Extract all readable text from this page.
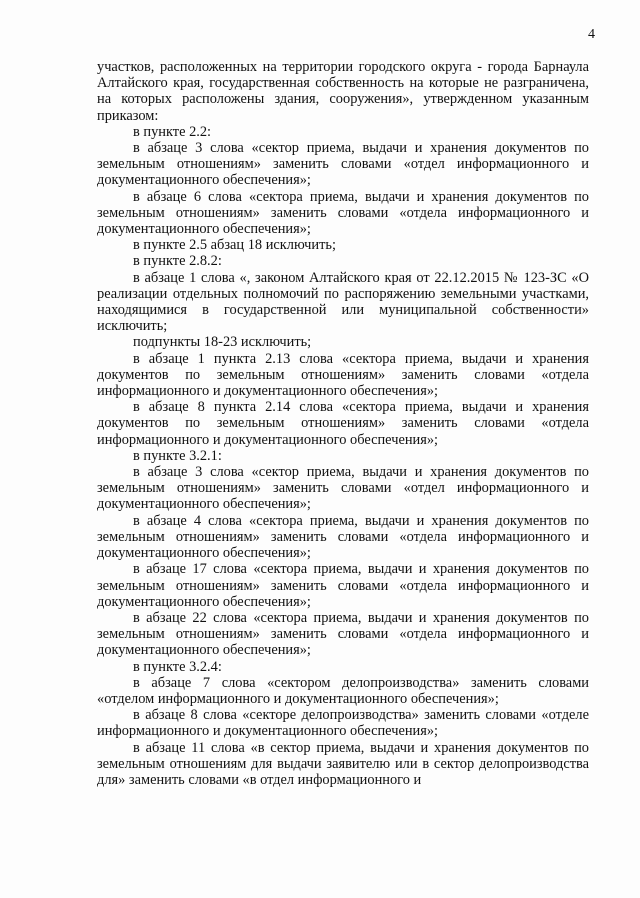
4

участков, расположенных на территории городского округа - города Барнаула Алтайского края, государственная собственность на которые не разграничена, на которых расположены здания, сооружения», утвержденном указанным приказом:

в пункте 2.2:

в абзаце 3 слова «сектор приема, выдачи и хранения документов по земельным отношениям» заменить словами «отдел информационного и документационного обеспечения»;

в абзаце 6 слова «сектора приема, выдачи и хранения документов по земельным отношениям» заменить словами «отдела информационного и документационного обеспечения»;

в пункте 2.5 абзац 18 исключить;

в пункте 2.8.2:

в абзаце 1 слова «, законом Алтайского края от 22.12.2015 № 123-ЗС «О реализации отдельных полномочий по распоряжению земельными участками, находящимися в государственной или муниципальной собственности» исключить;

подпункты 18-23 исключить;

в абзаце 1 пункта 2.13 слова «сектора приема, выдачи и хранения документов по земельным отношениям» заменить словами «отдела информационного и документационного обеспечения»;

в абзаце 8 пункта 2.14 слова «сектора приема, выдачи и хранения документов по земельным отношениям» заменить словами «отдела информационного и документационного обеспечения»;

в пункте 3.2.1:

в абзаце 3 слова «сектор приема, выдачи и хранения документов по земельным отношениям» заменить словами «отдел информационного и документационного обеспечения»;

в абзаце 4 слова «сектора приема, выдачи и хранения документов по земельным отношениям» заменить словами «отдела информационного и документационного обеспечения»;

в абзаце 17 слова «сектора приема, выдачи и хранения документов по земельным отношениям» заменить словами «отдела информационного и документационного обеспечения»;

в абзаце 22 слова «сектора приема, выдачи и хранения документов по земельным отношениям» заменить словами «отдела информационного и документационного обеспечения»;

в пункте 3.2.4:

в абзаце 7 слова «сектором делопроизводства» заменить словами «отделом информационного и документационного обеспечения»;

в абзаце 8 слова «секторе делопроизводства» заменить словами «отделе информационного и документационного обеспечения»;

в абзаце 11 слова «в сектор приема, выдачи и хранения документов по земельным отношениям для выдачи заявителю или в сектор делопроизводства для» заменить словами «в отдел информационного и
